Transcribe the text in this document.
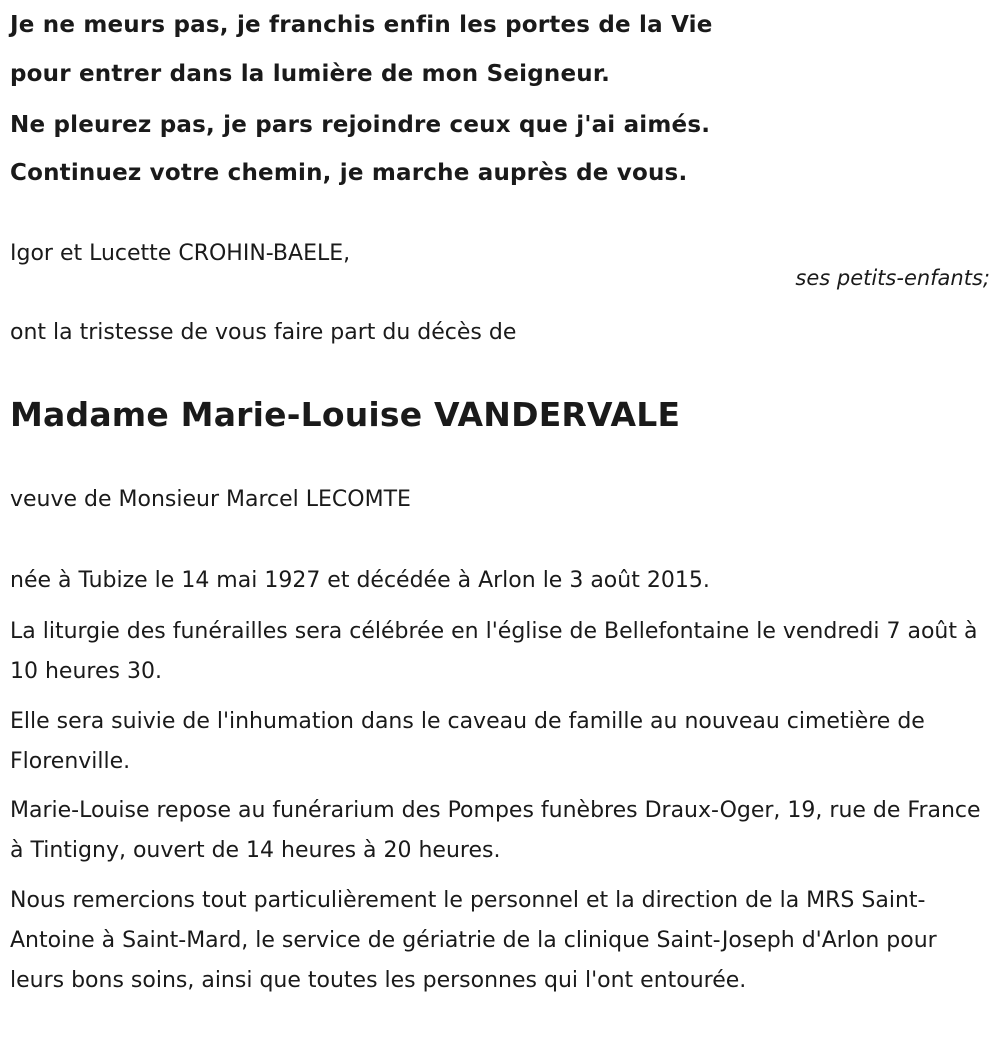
Je ne meurs pas, je franchis enfin les portes de la Vie

pour entrer dans la lumière de mon Seigneur.

Ne pleurez pas, je pars rejoindre ceux que j'ai aimés.

Continuez votre chemin, je marche auprès de vous.

Igor et Lucette CROHIN-BAELE,

ses petits-enfants;

ont la tristesse de vous faire part du décès de

Madame Marie-Louise VANDERVALE

veuve de Monsieur Marcel LECOMTE

née à Tubize le 14 mai 1927 et décédée à Arlon le 3 août 2015.

La liturgie des funérailles sera célébrée en l'église de Bellefontaine le vendredi 7 août à 10 heures 30.

Elle sera suivie de l'inhumation dans le caveau de famille au nouveau cimetière de Florenville.

Marie-Louise repose au funérarium des Pompes funèbres Draux-Oger, 19, rue de France à Tintigny, ouvert de 14 heures à 20 heures.

Nous remercions tout particulièrement le personnel et la direction de la MRS Saint-Antoine à Saint-Mard, le service de gériatrie de la clinique Saint-Joseph d'Arlon pour leurs bons soins, ainsi que toutes les personnes qui l'ont entourée.
